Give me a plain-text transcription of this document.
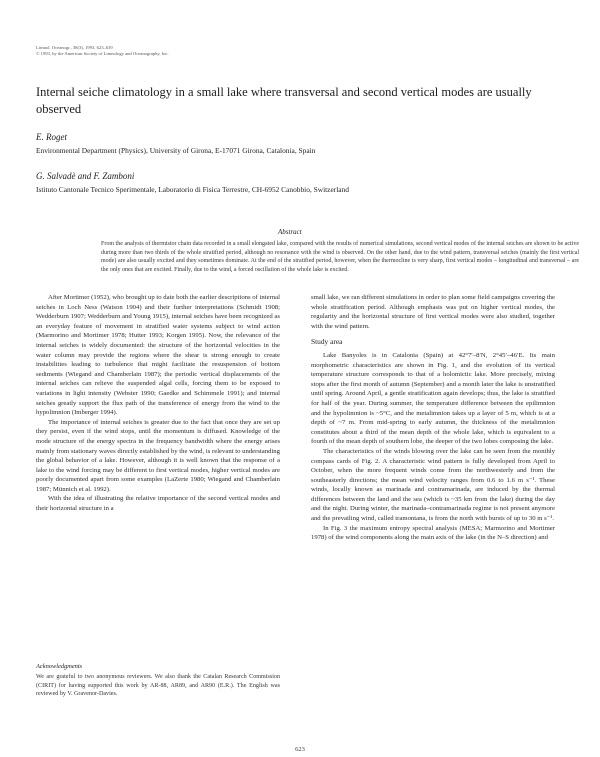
Limnol. Oceanogr., 38(3), 1993, 623–639
© 1993, by the American Society of Limnology and Oceanography, Inc.
Internal seiche climatology in a small lake where transversal and second vertical modes are usually observed
E. Roget
Environmental Department (Physics), University of Girona, E-17071 Girona, Catalonia, Spain
G. Salvadè and F. Zamboni
Istituto Cantonale Tecnico Sperimentale, Laboratorio di Fisica Terrestre, CH-6952 Canobbio, Switzerland
Abstract
From the analysis of thermistor chain data recorded in a small elongated lake, compared with the results of numerical simulations, second vertical modes of the internal seiches are shown to be active during more than two thirds of the whole stratified period, although no resonance with the wind is observed. On the other hand, due to the wind pattern, transversal seiches (mainly the first vertical mode) are also usually excited and they sometimes dominate. At the end of the stratified period, however, when the thermocline is very sharp, first vertical modes – longitudinal and transversal – are the only ones that are excited. Finally, due to the wind, a forced oscillation of the whole lake is excited.

After Mortimer (1952), who brought up to date both the earlier descriptions of internal seiches in Loch Ness (Watson 1904) and their further interpretations (Schmidt 1908; Wedderburn 1907; Wedderburn and Young 1915), internal seiches have been recognized as an everyday feature of movement in stratified water systems subject to wind action (Marmorino and Mortimer 1978; Hutter 1993; Korgen 1995). Now, the relevance of the internal seiches is widely documented: the structure of the horizontal velocities in the water column may provide the regions where the shear is strong enough to create instabilities leading to turbulence that might facilitate the resuspension of bottom sediments (Wiegand and Chamberlain 1987); the periodic vertical displacements of the internal seiches can relieve the suspended algal cells, forcing them to be exposed to variations in light intensity (Webster 1990; Gaedke and Schimmele 1991); and internal seiches greatly support the flux path of the transference of energy from the wind to the hypolimnion (Imberger 1994).

The importance of internal seiches is greater due to the fact that once they are set up they persist, even if the wind stops, until the momentum is diffused. Knowledge of the mode structure of the energy spectra in the frequency bandwidth where the energy arises mainly from stationary waves directly established by the wind, is relevant to understanding the global behavior of a lake. However, although it is well known that the response of a lake to the wind forcing may be different to first vertical modes, higher vertical modes are poorly documented apart from some examples (LaZerte 1980; Wiegand and Chamberlain 1987; Münnich et al. 1992).

With the idea of illustrating the relative importance of the second vertical modes and their horizontal structure in a

small lake, we ran different simulations in order to plan some field campaigns covering the whole stratification period. Although emphasis was put on higher vertical modes, the regularity and the horizontal structure of first vertical modes were also studied, together with the wind pattern.

Study area

Lake Banyoles is in Catalonia (Spain) at 42°7′–8′N, 2°45′–46′E. Its main morphometric characteristics are shown in Fig. 1, and the evolution of its vertical temperature structure corresponds to that of a holomictic lake. More precisely, mixing stops after the first month of autumn (September) and a month later the lake is unstratified until spring. Around April, a gentle stratification again develops; thus, the lake is stratified for half of the year. During summer, the temperature difference between the epilimnion and the hypolimnion is ~5°C, and the metalimnion takes up a layer of 5 m, which is at a depth of ~7 m. From mid-spring to early autumn, the thickness of the metalimnion constitutes about a third of the mean depth of the whole lake, which is equivalent to a fourth of the mean depth of southern lobe, the deeper of the two lobes composing the lake.

The characteristics of the winds blowing over the lake can be seen from the monthly compass cards of Fig. 2. A characteristic wind pattern is fully developed from April to October, when the more frequent winds come from the northwesterly and from the southeasterly directions; the mean wind velocity ranges from 0.6 to 1.6 m s⁻¹. These winds, locally known as marinada and contramarinada, are induced by the thermal differences between the land and the sea (which is ~35 km from the lake) during the day and the night. During winter, the marinada–contramarinada regime is not present anymore and the prevailing wind, called tramontana, is from the north with bursts of up to 30 m s⁻¹.

In Fig. 3 the maximum entropy spectral analysis (MESA; Marmorino and Mortimer 1978) of the wind components along the main axis of the lake (in the N–S direction) and

Acknowledgments
We are grateful to two anonymous reviewers. We also thank the Catalan Research Commission (CIRIT) for having supported this work by AR-88, AR89, and AR90 (E.R.). The English was reviewed by V. Gravenor-Davies.
623
